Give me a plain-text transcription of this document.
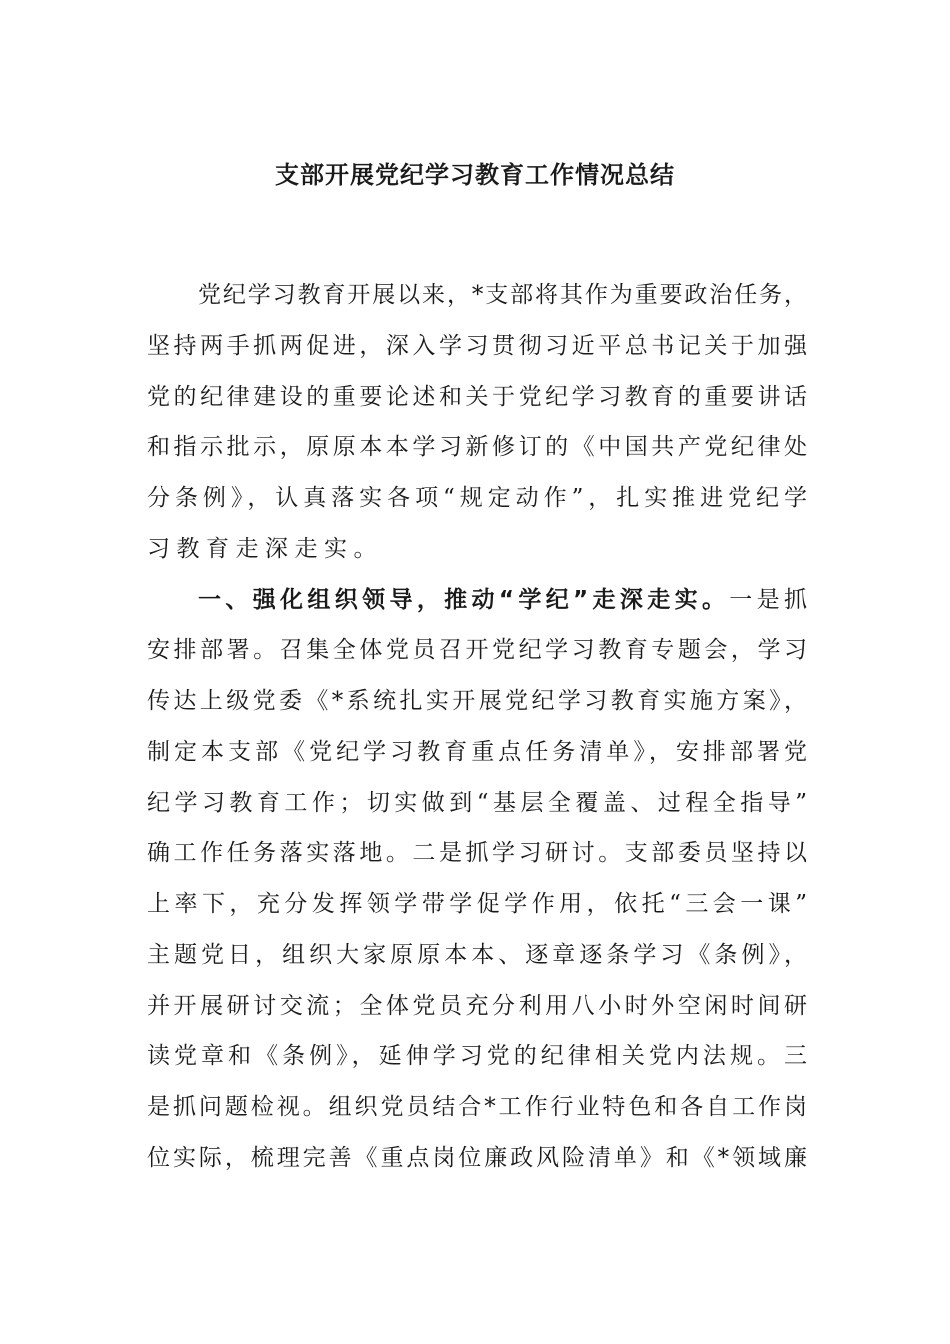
支部开展党纪学习教育工作情况总结
党纪学习教育开展以来，*支部将其作为重要政治任务，
坚持两手抓两促进，深入学习贯彻习近平总书记关于加强
党的纪律建设的重要论述和关于党纪学习教育的重要讲话
和指示批示，原原本本学习新修订的《中国共产党纪律处
分条例》，认真落实各项“规定动作”，扎实推进党纪学
习教育走深走实。
一、强化组织领导，推动“学纪”走深走实。一是抓
安排部署。召集全体党员召开党纪学习教育专题会，学习
传达上级党委《*系统扎实开展党纪学习教育实施方案》，
制定本支部《党纪学习教育重点任务清单》，安排部署党
纪学习教育工作；切实做到“基层全覆盖、过程全指导”
确工作任务落实落地。二是抓学习研讨。支部委员坚持以
上率下，充分发挥领学带学促学作用，依托“三会一课”
主题党日，组织大家原原本本、逐章逐条学习《条例》，
并开展研讨交流；全体党员充分利用八小时外空闲时间研
读党章和《条例》，延伸学习党的纪律相关党内法规。三
是抓问题检视。组织党员结合*工作行业特色和各自工作岗
位实际，梳理完善《重点岗位廉政风险清单》和《*领域廉
